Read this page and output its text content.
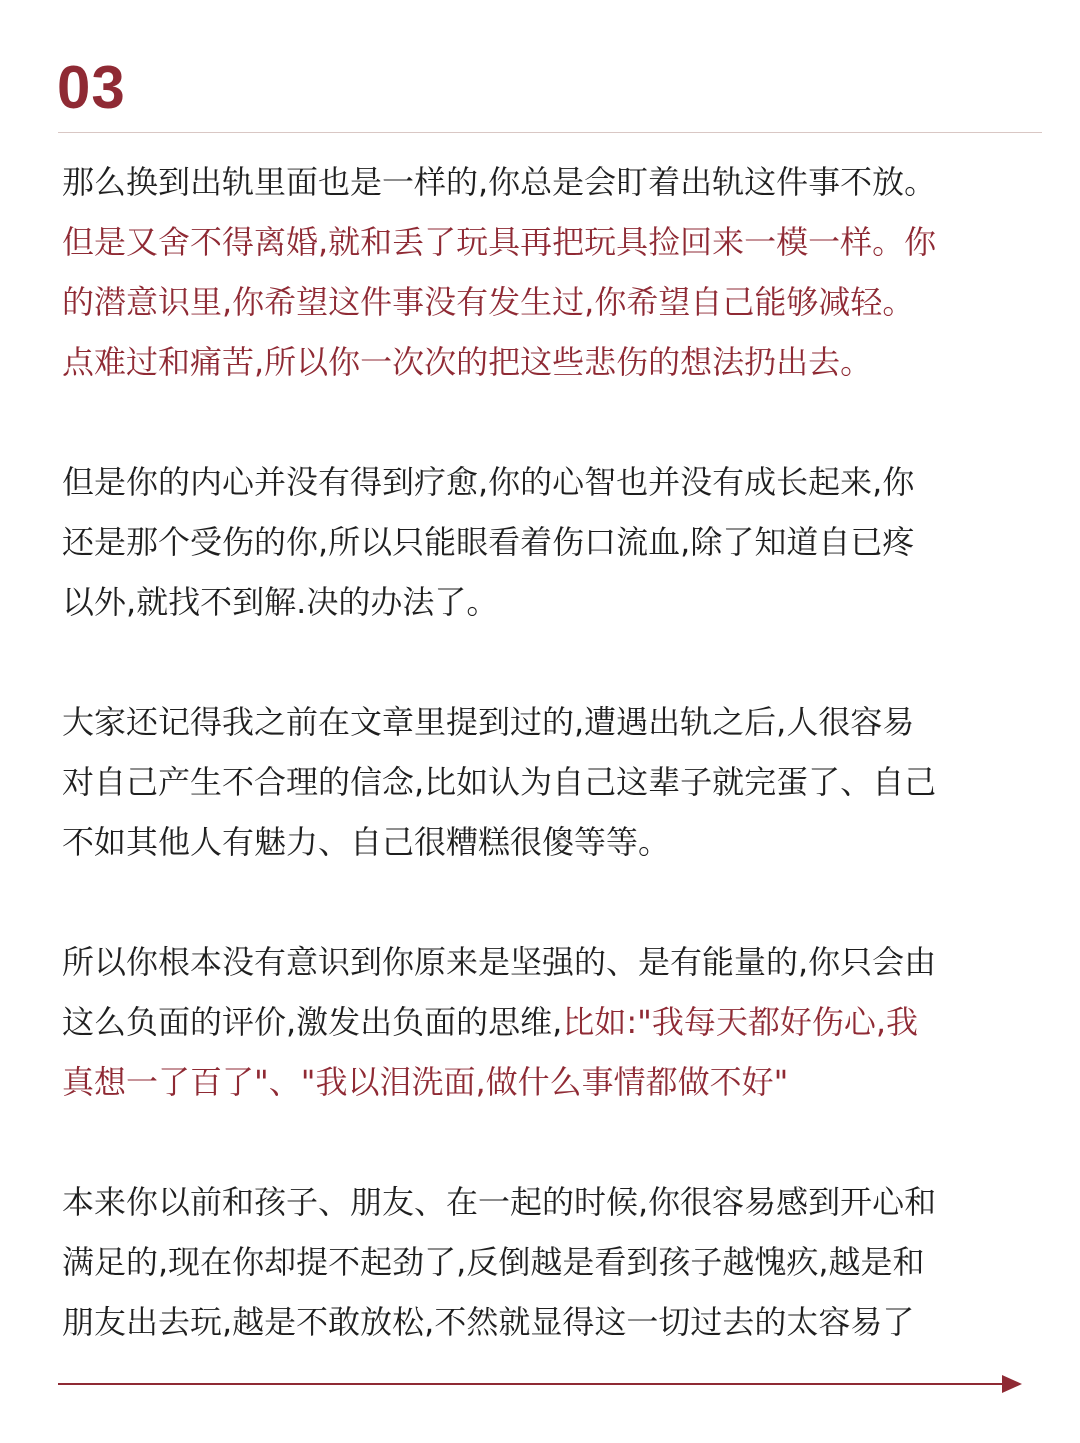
03

那么换到出轨里面也是一样的,你总是会盯着出轨这件事不放。
但是又舍不得离婚,就和丢了玩具再把玩具捡回来一模一样。你
的潜意识里,你希望这件事没有发生过,你希望自己能够减轻。
点难过和痛苦,所以你一次次的把这些悲伤的想法扔出去。

但是你的内心并没有得到疗愈,你的心智也并没有成长起来,你
还是那个受伤的你,所以只能眼看着伤口流血,除了知道自已疼
以外,就找不到解.决的办法了。

大家还记得我之前在文章里提到过的,遭遇出轨之后,人很容易
对自己产生不合理的信念,比如认为自己这辈子就完蛋了、自己
不如其他人有魅力、自己很糟糕很傻等等。

所以你根本没有意识到你原来是坚强的、是有能量的,你只会由
这么负面的评价,激发出负面的思维,比如:"我每天都好伤心,我
真想一了百了"、"我以泪洗面,做什么事情都做不好"

本来你以前和孩子、朋友、在一起的时候,你很容易感到开心和
满足的,现在你却提不起劲了,反倒越是看到孩子越愧疚,越是和
朋友出去玩,越是不敢放松,不然就显得这一切过去的太容易了
